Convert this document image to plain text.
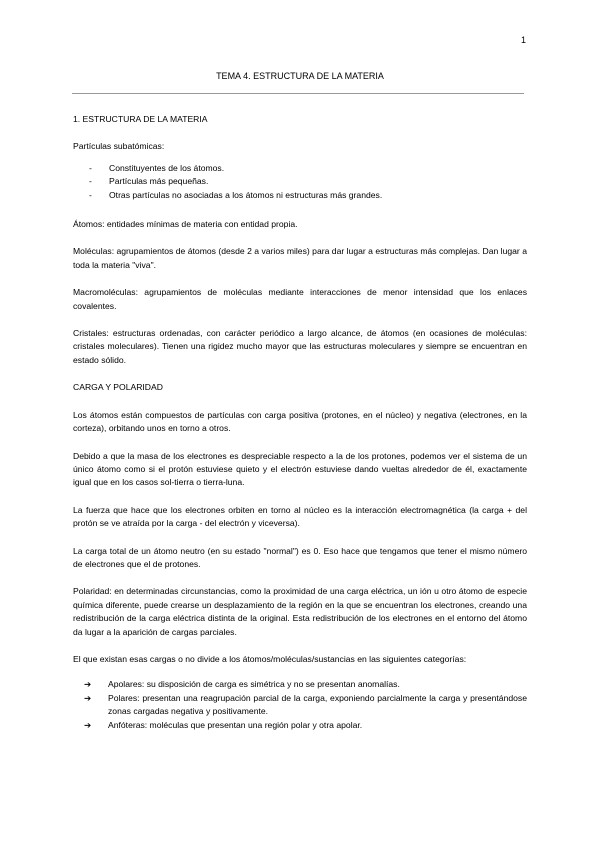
1
TEMA 4. ESTRUCTURA DE LA MATERIA

1. ESTRUCTURA DE LA MATERIA

Partículas subatómicas:

- Constituyentes de los átomos.
- Partículas más pequeñas.
- Otras partículas no asociadas a los átomos ni estructuras más grandes.

Átomos: entidades mínimas de materia con entidad propia.

Moléculas: agrupamientos de átomos (desde 2 a varios miles) para dar lugar a estructuras más complejas. Dan lugar a toda la materia "viva".

Macromoléculas: agrupamientos de moléculas mediante interacciones de menor intensidad que los enlaces covalentes.

Cristales: estructuras ordenadas, con carácter periódico a largo alcance, de átomos (en ocasiones de moléculas: cristales moleculares). Tienen una rigidez mucho mayor que las estructuras moleculares y siempre se encuentran en estado sólido.

CARGA Y POLARIDAD

Los átomos están compuestos de partículas con carga positiva (protones, en el núcleo) y negativa (electrones, en la corteza), orbitando unos en torno a otros.

Debido a que la masa de los electrones es despreciable respecto a la de los protones, podemos ver el sistema de un único átomo como si el protón estuviese quieto y el electrón estuviese dando vueltas alrededor de él, exactamente igual que en los casos sol-tierra o tierra-luna.

La fuerza que hace que los electrones orbiten en torno al núcleo es la interacción electromagnética (la carga + del protón se ve atraída por la carga - del electrón y viceversa).

La carga total de un átomo neutro (en su estado "normal") es 0. Eso hace que tengamos que tener el mismo número de electrones que el de protones.

Polaridad: en determinadas circunstancias, como la proximidad de una carga eléctrica, un ión u otro átomo de especie química diferente, puede crearse un desplazamiento de la región en la que se encuentran los electrones, creando una redistribución de la carga eléctrica distinta de la original. Esta redistribución de los electrones en el entorno del átomo da lugar a la aparición de cargas parciales.

El que existan esas cargas o no divide a los átomos/moléculas/sustancias en las siguientes categorías:

➔ Apolares: su disposición de carga es simétrica y no se presentan anomalías.
➔ Polares: presentan una reagrupación parcial de la carga, exponiendo parcialmente la carga y presentándose zonas cargadas negativa y positivamente.
➔ Anfóteras: moléculas que presentan una región polar y otra apolar.
